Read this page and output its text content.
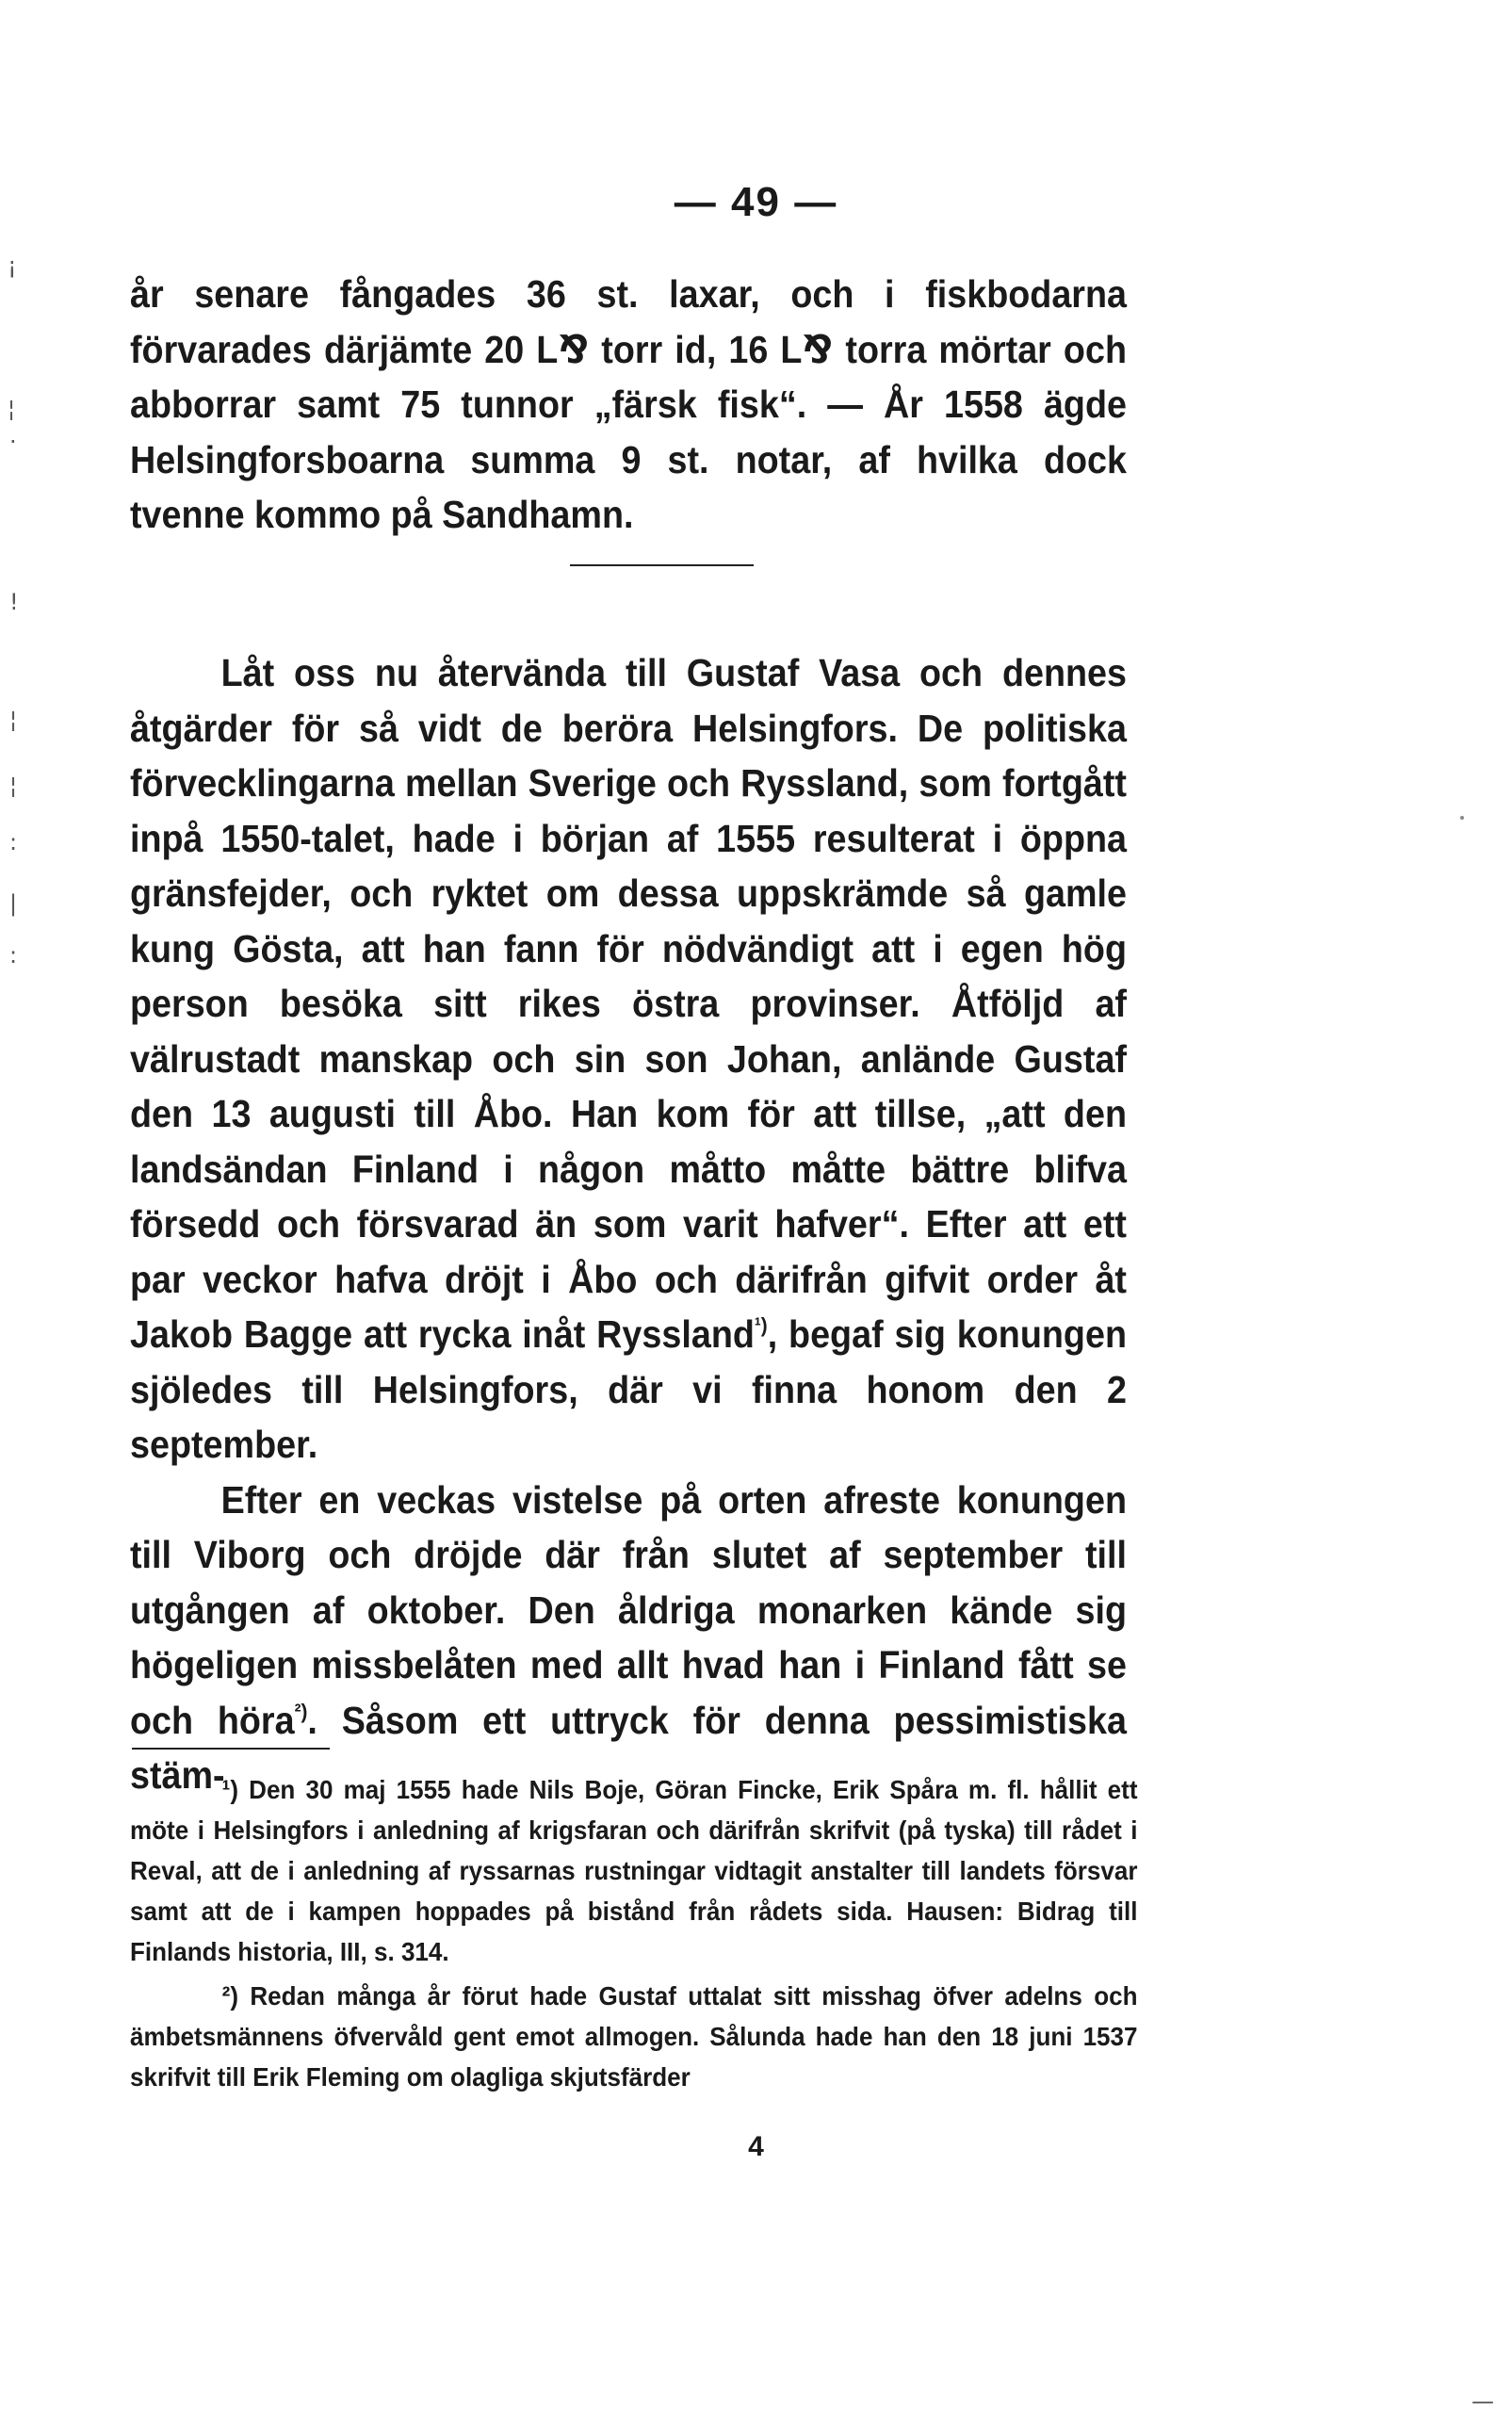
— 49 —

år senare fångades 36 st. laxar, och i fiskbodarna förvarades därjämte 20 L⅋ torr id, 16 L⅋ torra mörtar och abborrar samt 75 tunnor „färsk fisk“. — År 1558 ägde Helsingforsboarna summa 9 st. notar, af hvilka dock tvenne kommo på Sandhamn.

Låt oss nu återvända till Gustaf Vasa och dennes åtgärder för så vidt de beröra Helsingfors. De politiska förvecklingarna mellan Sverige och Ryssland, som fortgått inpå 1550-talet, hade i början af 1555 resulterat i öppna gränsfejder, och ryktet om dessa uppskrämde så gamle kung Gösta, att han fann för nödvändigt att i egen hög person besöka sitt rikes östra provinser. Åtföljd af välrustadt manskap och sin son Johan, anlände Gustaf den 13 augusti till Åbo. Han kom för att tillse, „att den landsändan Finland i någon måtto måtte bättre blifva försedd och försvarad än som varit hafver“. Efter att ett par veckor hafva dröjt i Åbo och därifrån gifvit order åt Jakob Bagge att rycka inåt Ryssland$^{^1)}$, begaf sig konungen sjöledes till Helsingfors, där vi finna honom den 2 september.

Efter en veckas vistelse på orten afreste konungen till Viborg och dröjde där från slutet af september till utgången af oktober. Den åldriga monarken kände sig högeligen missbelåten med allt hvad han i Finland fått se och höra$^{^2)}$. Såsom ett uttryck för denna pessimistiska stäm-

¹) Den 30 maj 1555 hade Nils Boje, Göran Fincke, Erik Spåra m. fl. hållit ett möte i Helsingfors i anledning af krigsfaran och därifrån skrifvit (på tyska) till rådet i Reval, att de i anledning af ryssarnas rustningar vidtagit anstalter till landets försvar samt att de i kampen hoppades på bistånd från rådets sida. Hausen: Bidrag till Finlands historia, III, s. 314.

²) Redan många år förut hade Gustaf uttalat sitt misshag öfver adelns och ämbetsmännens öfvervåld gent emot allmogen. Sålunda hade han den 18 juni 1537 skrifvit till Erik Fleming om olagliga skjutsfärder

4
¡
¦
·
!
¦
¦
:
|
:
—
